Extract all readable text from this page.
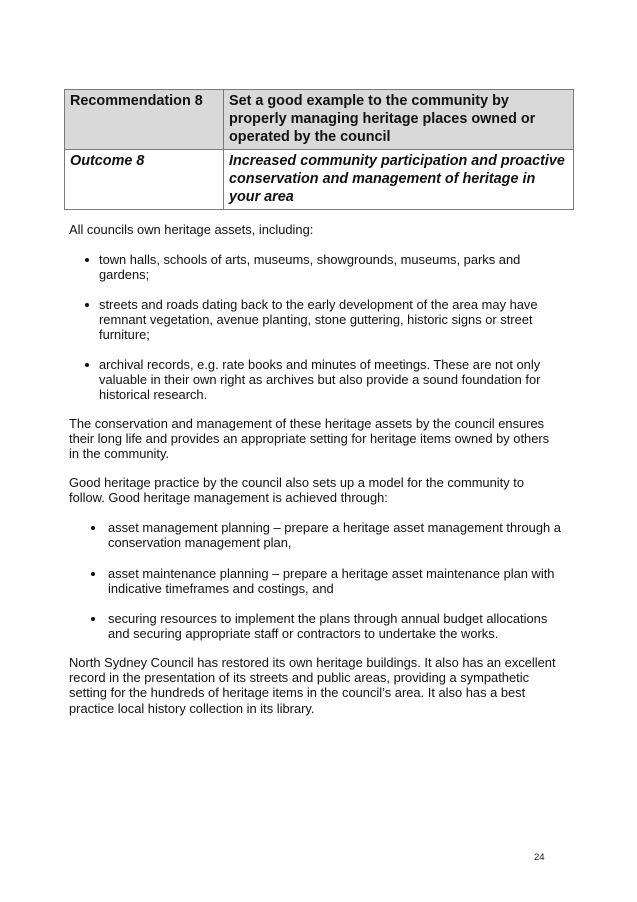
Recommendation 8	Set a good example to the community by properly managing heritage places owned or operated by the council
Outcome 8	Increased community participation and proactive conservation and management of heritage in your area

All councils own heritage assets, including:

town halls, schools of arts, museums, showgrounds, museums, parks and gardens;
streets and roads dating back to the early development of the area may have remnant vegetation, avenue planting, stone guttering, historic signs or street furniture;
archival records, e.g. rate books and minutes of meetings. These are not only valuable in their own right as archives but also provide a sound foundation for historical research.

The conservation and management of these heritage assets by the council ensures their long life and provides an appropriate setting for heritage items owned by others in the community.

Good heritage practice by the council also sets up a model for the community to follow. Good heritage management is achieved through:

asset management planning – prepare a heritage asset management through a conservation management plan,
asset maintenance planning – prepare a heritage asset maintenance plan with indicative timeframes and costings, and
securing resources to implement the plans through annual budget allocations and securing appropriate staff or contractors to undertake the works.

North Sydney Council has restored its own heritage buildings. It also has an excellent record in the presentation of its streets and public areas, providing a sympathetic setting for the hundreds of heritage items in the council’s area. It also has a best practice local history collection in its library.

24
